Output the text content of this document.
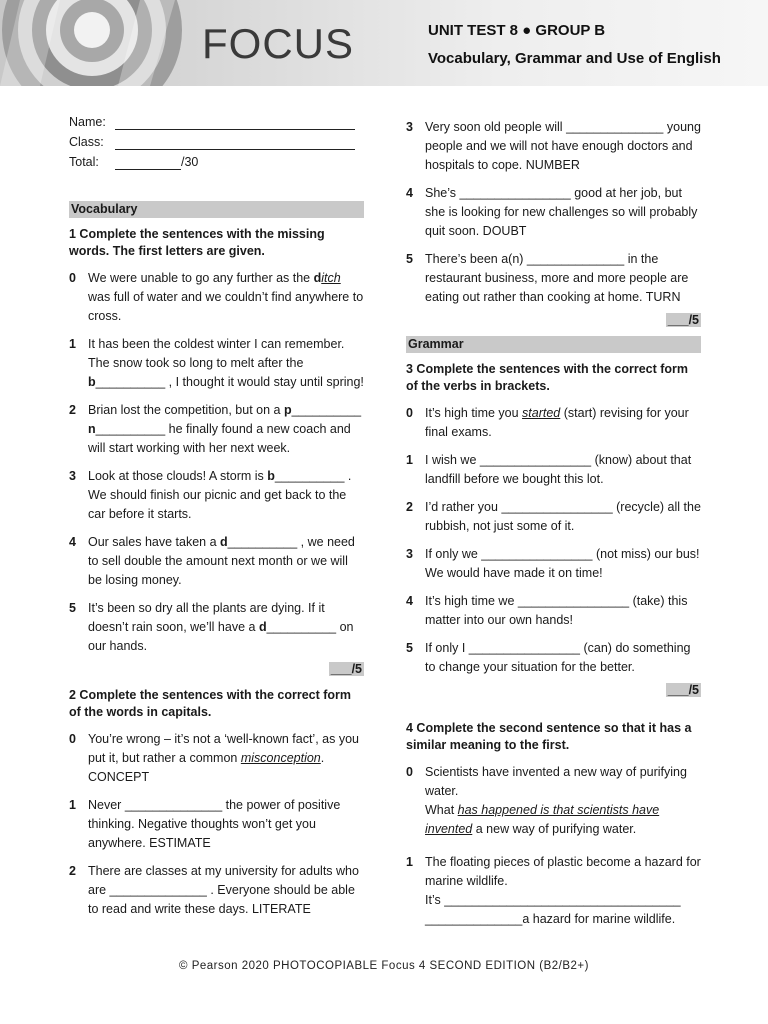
FOCUS	UNIT TEST 8 ● GROUP B
Vocabulary, Grammar and Use of English
Name:
Class:
Total:	/30
Vocabulary
1 Complete the sentences with the missing words. The first letters are given.
0 We were unable to go any further as the ditch was full of water and we couldn’t find anywhere to cross.
1 It has been the coldest winter I can remember. The snow took so long to melt after the b__________ , I thought it would stay until spring!
2 Brian lost the competition, but on a p__________ n__________ he finally found a new coach and will start working with her next week.
3 Look at those clouds! A storm is b__________ . We should finish our picnic and get back to the car before it starts.
4 Our sales have taken a d__________ , we need to sell double the amount next month or we will be losing money.
5 It’s been so dry all the plants are dying. If it doesn’t rain soon, we’ll have a d__________ on our hands.
___/5
2 Complete the sentences with the correct form of the words in capitals.
0 You’re wrong – it’s not a ‘well-known fact’, as you put it, but rather a common misconception. CONCEPT
1 Never ______________ the power of positive thinking. Negative thoughts won’t get you anywhere. ESTIMATE
2 There are classes at my university for adults who are ______________ . Everyone should be able to read and write these days. LITERATE
3 Very soon old people will ______________ young people and we will not have enough doctors and hospitals to cope. NUMBER
4 She’s ________________ good at her job, but she is looking for new challenges so will probably quit soon. DOUBT
5 There’s been a(n) ______________ in the restaurant business, more and more people are eating out rather than cooking at home. TURN
___/5
Grammar
3 Complete the sentences with the correct form of the verbs in brackets.
0 It’s high time you started (start) revising for your final exams.
1 I wish we ________________ (know) about that landfill before we bought this lot.
2 I’d rather you ________________ (recycle) all the rubbish, not just some of it.
3 If only we ________________ (not miss) our bus! We would have made it on time!
4 It’s high time we ________________ (take) this matter into our own hands!
5 If only I ________________ (can) do something to change your situation for the better.
___/5
4 Complete the second sentence so that it has a similar meaning to the first.
0 Scientists have invented a new way of purifying water.
What has happened is that scientists have invented a new way of purifying water.
1 The floating pieces of plastic become a hazard for marine wildlife.
It’s __________________________________
______________a hazard for marine wildlife.
© Pearson 2020 PHOTOCOPIABLE Focus 4 SECOND EDITION (B2/B2+)
